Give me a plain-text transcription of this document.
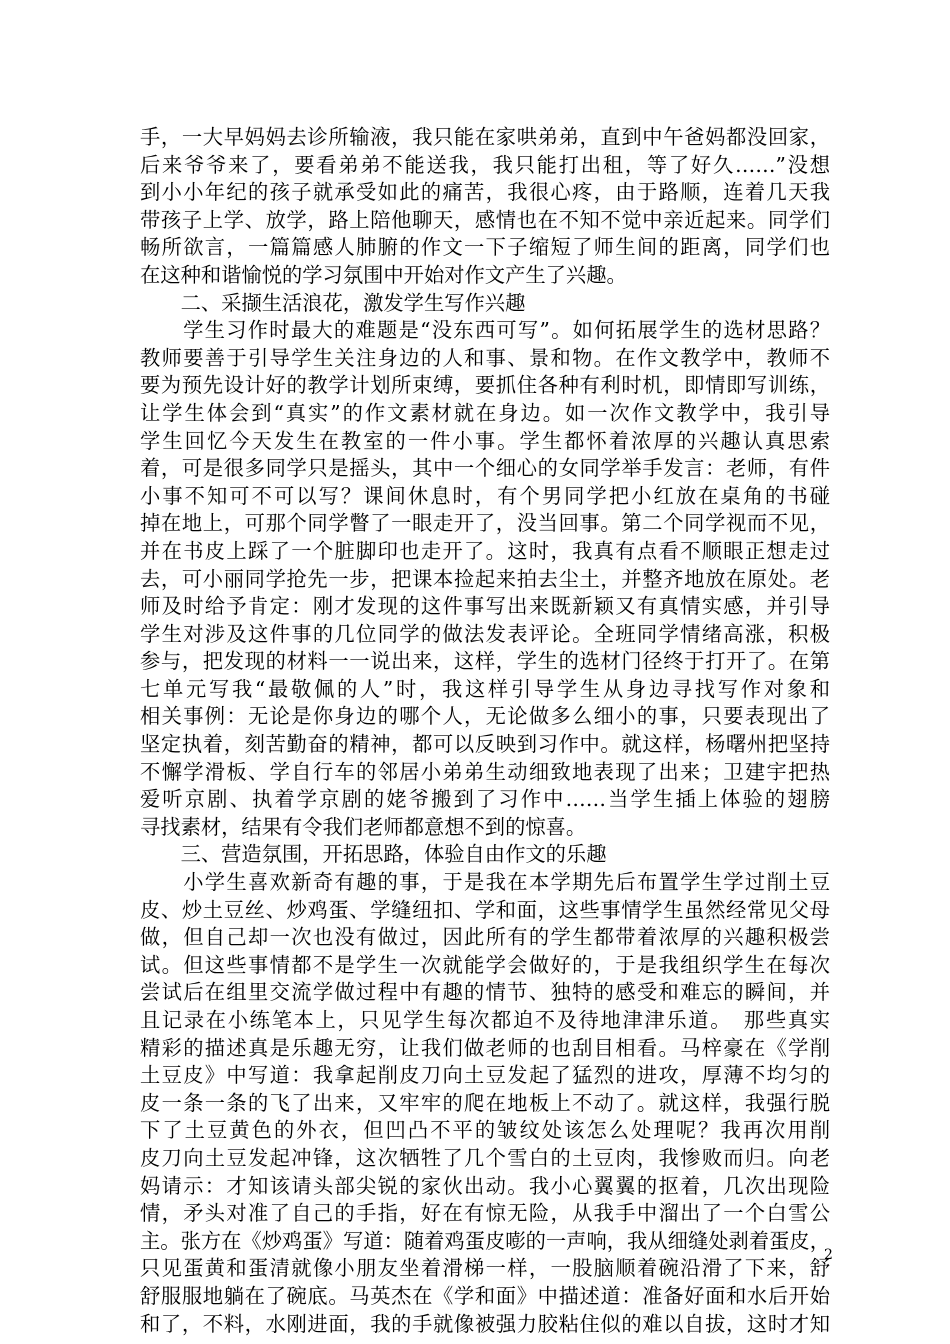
手，一大早妈妈去诊所输液，我只能在家哄弟弟，直到中午爸妈都没回家，
后来爷爷来了，要看弟弟不能送我，我只能打出租，等了好久……”没想
到小小年纪的孩子就承受如此的痛苦，我很心疼，由于路顺，连着几天我
带孩子上学、放学，路上陪他聊天，感情也在不知不觉中亲近起来。同学们
畅所欲言，一篇篇感人肺腑的作文一下子缩短了师生间的距离，同学们也
在这种和谐愉悦的学习氛围中开始对作文产生了兴趣。
　　二、采撷生活浪花，激发学生写作兴趣
　　学生习作时最大的难题是“没东西可写”。如何拓展学生的选材思路？
教师要善于引导学生关注身边的人和事、景和物。在作文教学中，教师不
要为预先设计好的教学计划所束缚，要抓住各种有利时机，即情即写训练，
让学生体会到“真实”的作文素材就在身边。如一次作文教学中，我引导
学生回忆今天发生在教室的一件小事。学生都怀着浓厚的兴趣认真思索
着，可是很多同学只是摇头，其中一个细心的女同学举手发言：老师，有件
小事不知可不可以写？课间休息时，有个男同学把小红放在桌角的书碰
掉在地上，可那个同学瞥了一眼走开了，没当回事。第二个同学视而不见，
并在书皮上踩了一个脏脚印也走开了。这时，我真有点看不顺眼正想走过
去，可小丽同学抢先一步，把课本捡起来拍去尘土，并整齐地放在原处。老
师及时给予肯定：刚才发现的这件事写出来既新颖又有真情实感，并引导
学生对涉及这件事的几位同学的做法发表评论。全班同学情绪高涨，积极
参与，把发现的材料一一说出来，这样，学生的选材门径终于打开了。在第
七单元写我“最敬佩的人”时，我这样引导学生从身边寻找写作对象和
相关事例：无论是你身边的哪个人，无论做多么细小的事，只要表现出了
坚定执着，刻苦勤奋的精神，都可以反映到习作中。就这样，杨曙州把坚持
不懈学滑板、学自行车的邻居小弟弟生动细致地表现了出来；卫建宇把热
爱听京剧、执着学京剧的姥爷搬到了习作中……当学生插上体验的翅膀
寻找素材，结果有令我们老师都意想不到的惊喜。
　　三、营造氛围，开拓思路，体验自由作文的乐趣
　　小学生喜欢新奇有趣的事，于是我在本学期先后布置学生学过削土豆
皮、炒土豆丝、炒鸡蛋、学缝纽扣、学和面，这些事情学生虽然经常见父母
做，但自己却一次也没有做过，因此所有的学生都带着浓厚的兴趣积极尝
试。但这些事情都不是学生一次就能学会做好的，于是我组织学生在每次
尝试后在组里交流学做过程中有趣的情节、独特的感受和难忘的瞬间，并
且记录在小练笔本上，只见学生每次都迫不及待地津津乐道。　那些真实
精彩的描述真是乐趣无穷，让我们做老师的也刮目相看。马梓豪在《学削
土豆皮》中写道：我拿起削皮刀向土豆发起了猛烈的进攻，厚薄不均匀的
皮一条一条的飞了出来，又牢牢的爬在地板上不动了。就这样，我强行脱
下了土豆黄色的外衣，但凹凸不平的皱纹处该怎么处理呢？我再次用削
皮刀向土豆发起冲锋，这次牺牲了几个雪白的土豆肉，我惨败而归。向老
妈请示：才知该请头部尖锐的家伙出动。我小心翼翼的抠着，几次出现险
情，矛头对准了自己的手指，好在有惊无险，从我手中溜出了一个白雪公
主。张方在《炒鸡蛋》写道：随着鸡蛋皮嘭的一声响，我从细缝处剥着蛋皮，
只见蛋黄和蛋清就像小朋友坐着滑梯一样，一股脑顺着碗沿滑了下来，舒
舒服服地躺在了碗底。马英杰在《学和面》中描述道：准备好面和水后开始
和了，不料，水刚进面，我的手就像被强力胶粘住似的难以自拔，这时才知
2
